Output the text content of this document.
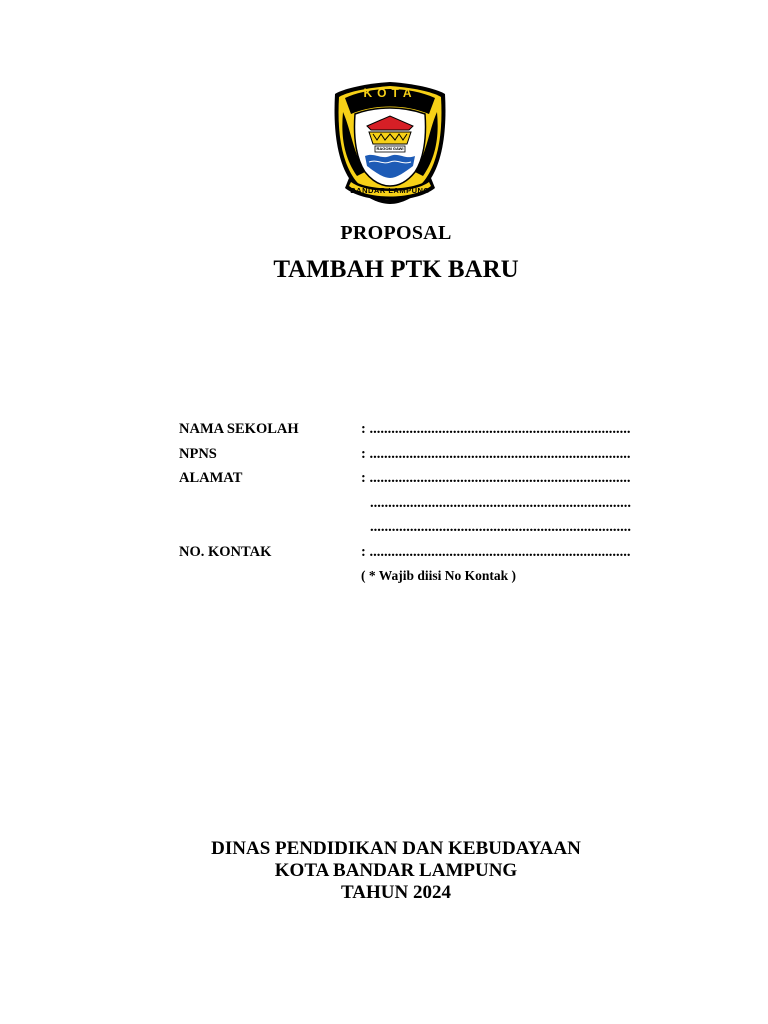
KOTA
RAGOM GAWI
BANDAR LAMPUNG
PROPOSAL
TAMBAH PTK BARU
NAMA SEKOLAH	: ........................................................................
NPNS	: ........................................................................
ALAMAT	: ........................................................................
........................................................................
........................................................................
NO. KONTAK	: ........................................................................
( * Wajib diisi No Kontak )
DINAS PENDIDIKAN DAN KEBUDAYAAN
KOTA BANDAR LAMPUNG
TAHUN 2024
